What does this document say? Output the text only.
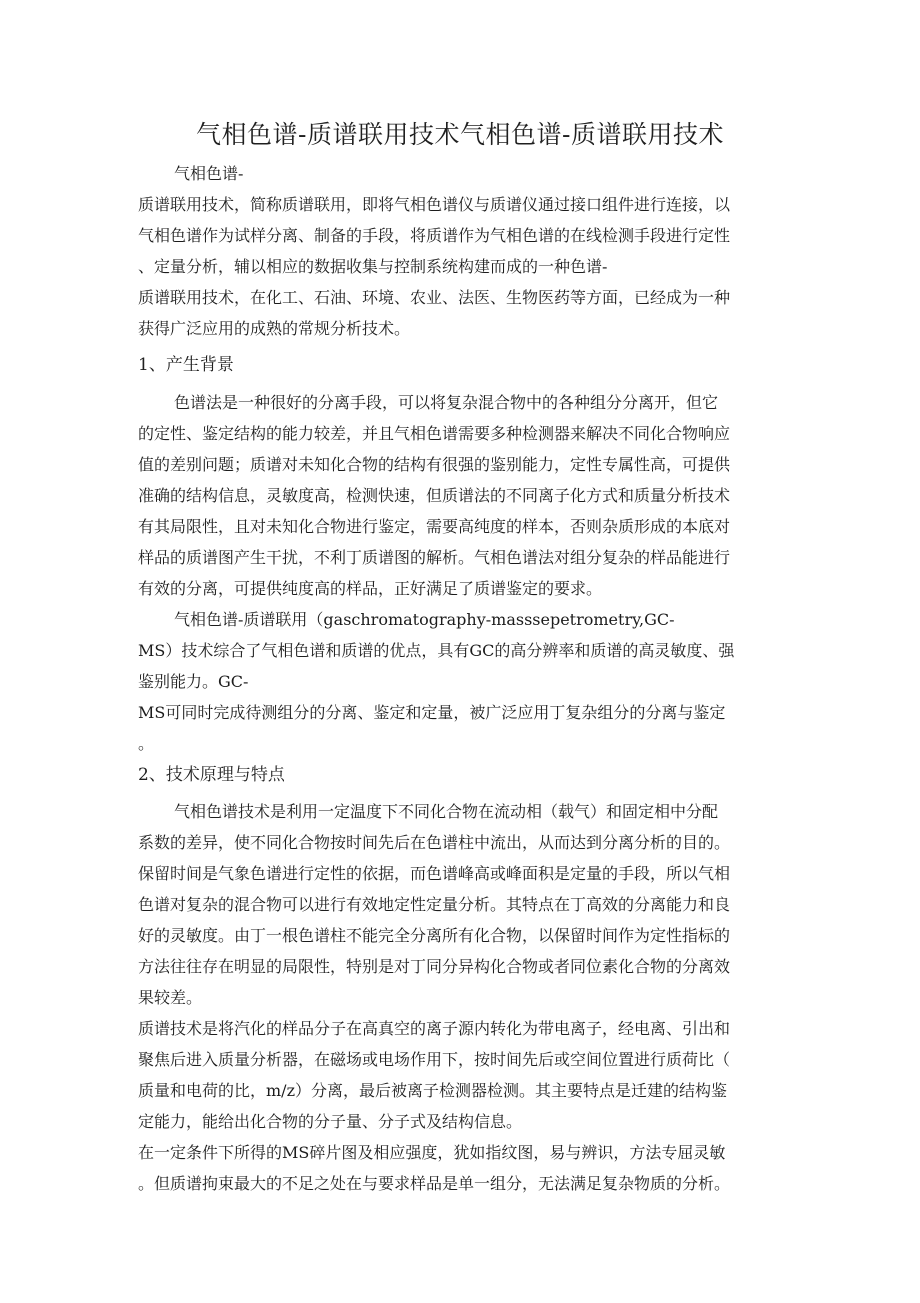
气相色谱-质谱联用技术气相色谱-质谱联用技术
气相色谱-
质谱联用技术，简称质谱联用，即将气相色谱仪与质谱仪通过接口组件进行连接，以
气相色谱作为试样分离、制备的手段，将质谱作为气相色谱的在线检测手段进行定性
、定量分析，辅以相应的数据收集与控制系统构建而成的一种色谱-
质谱联用技术，在化工、石油、环境、农业、法医、生物医药等方面，已经成为一种
获得广泛应用的成熟的常规分析技术。
1、产生背景
色谱法是一种很好的分离手段，可以将复杂混合物中的各种组分分离开，但它
的定性、鉴定结构的能力较差，并且气相色谱需要多种检测器来解决不同化合物响应
值的差别问题；质谱对未知化合物的结构有很强的鉴别能力，定性专属性高，可提供
准确的结构信息，灵敏度高，检测快速，但质谱法的不同离子化方式和质量分析技术
有其局限性，且对未知化合物进行鉴定，需要高纯度的样本，否则杂质形成的本底对
样品的质谱图产生干扰，不利丁质谱图的解析。气相色谱法对组分复杂的样品能进行
有效的分离，可提供纯度高的样品，正好满足了质谱鉴定的要求。
气相色谱-质谱联用（gaschromatography-masssepetrometry,GC-
MS）技术综合了气相色谱和质谱的优点，具有GC的高分辨率和质谱的高灵敏度、强
鉴别能力。GC-
MS可同时完成待测组分的分离、鉴定和定量，被广泛应用丁复杂组分的分离与鉴定
。
2、技术原理与特点
气相色谱技术是利用一定温度下不同化合物在流动相（载气）和固定相中分配
系数的差异，使不同化合物按时间先后在色谱柱中流出，从而达到分离分析的目的。
保留时间是气象色谱进行定性的依据，而色谱峰高或峰面积是定量的手段，所以气相
色谱对复杂的混合物可以进行有效地定性定量分析。其特点在丁高效的分离能力和良
好的灵敏度。由丁一根色谱柱不能完全分离所有化合物，以保留时间作为定性指标的
方法往往存在明显的局限性，特别是对丁同分异构化合物或者同位素化合物的分离效
果较差。
质谱技术是将汽化的样品分子在高真空的离子源内转化为带电离子，经电离、引出和
聚焦后进入质量分析器，在磁场或电场作用下，按时间先后或空间位置进行质荷比（
质量和电荷的比，m/z）分离，最后被离子检测器检测。其主要特点是迁建的结构鉴
定能力，能给出化合物的分子量、分子式及结构信息。
在一定条件下所得的MS碎片图及相应强度，犹如指纹图，易与辨识，方法专屈灵敏
。但质谱拘束最大的不足之处在与要求样品是单一组分，无法满足复杂物质的分析。
